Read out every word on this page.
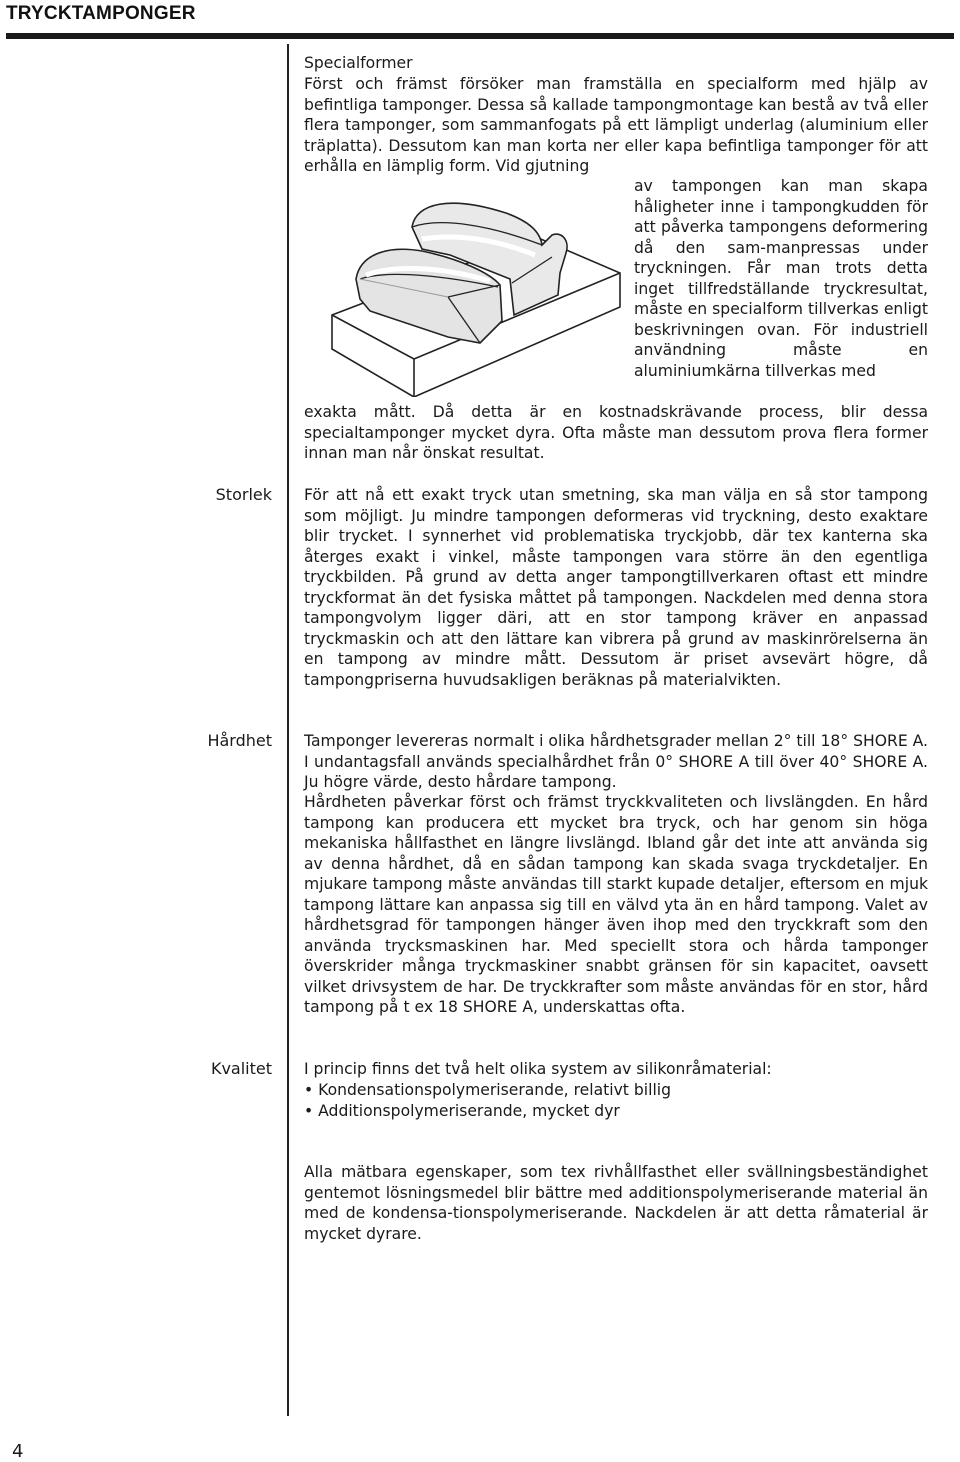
TRYCKTAMPONGER
Specialformer

Först och främst försöker man framställa en specialform med hjälp av befintliga tamponger. Dessa så kallade tampongmontage kan bestå av två eller flera tamponger, som sammanfogats på ett lämpligt underlag (aluminium eller träplatta). Dessutom kan man korta ner eller kapa befintliga tamponger för att erhålla en lämplig form. Vid gjutning

av tampongen kan man skapa håligheter inne i tampongkudden för att påverka tampongens deformering då den sam-manpressas under tryckningen. Får man trots detta inget tillfredställande tryckresultat, måste en specialform tillverkas enligt beskrivningen ovan. För industriell användning måste en aluminiumkärna tillverkas med

exakta mått. Då detta är en kostnadskrävande process, blir dessa specialtamponger mycket dyra. Ofta måste man dessutom prova flera former innan man når önskat resultat.

Storlek För att nå ett exakt tryck utan smetning, ska man välja en så stor tampong som möjligt. Ju mindre tampongen deformeras vid tryckning, desto exaktare blir trycket. I synnerhet vid problematiska tryckjobb, där tex kanterna ska återges exakt i vinkel, måste tampongen vara större än den egentliga tryckbilden. På grund av detta anger tampongtillverkaren oftast ett mindre tryckformat än det fysiska måttet på tampongen. Nackdelen med denna stora tampongvolym ligger däri, att en stor tampong kräver en anpassad tryckmaskin och att den lättare kan vibrera på grund av maskinrörelserna än en tampong av mindre mått. Dessutom är priset avsevärt högre, då tampongpriserna huvudsakligen beräknas på materialvikten.

Hårdhet Tamponger levereras normalt i olika hårdhetsgrader mellan 2° till 18° SHORE A. I undantagsfall används specialhårdhet från 0° SHORE A till över 40° SHORE A. Ju högre värde, desto hårdare tampong.

Hårdheten påverkar först och främst tryckkvaliteten och livslängden. En hård tampong kan producera ett mycket bra tryck, och har genom sin höga mekaniska hållfasthet en längre livslängd. Ibland går det inte att använda sig av denna hårdhet, då en sådan tampong kan skada svaga tryckdetaljer. En mjukare tampong måste användas till starkt kupade detaljer, eftersom en mjuk tampong lättare kan anpassa sig till en välvd yta än en hård tampong. Valet av hårdhetsgrad för tampongen hänger även ihop med den tryckkraft som den använda trycksmaskinen har. Med speciellt stora och hårda tamponger överskrider många tryckmaskiner snabbt gränsen för sin kapacitet, oavsett vilket drivsystem de har. De tryckkrafter som måste användas för en stor, hård tampong på t ex 18 SHORE A, underskattas ofta.

Kvalitet I princip finns det två helt olika system av silikonråmaterial:

• Kondensationspolymeriserande, relativt billig
• Additionspolymeriserande, mycket dyr

Alla mätbara egenskaper, som tex rivhållfasthet eller svällningsbeständighet gentemot lösningsmedel blir bättre med additionspolymeriserande material än med de kondensa-tionspolymeriserande. Nackdelen är att detta råmaterial är mycket dyrare.

4
